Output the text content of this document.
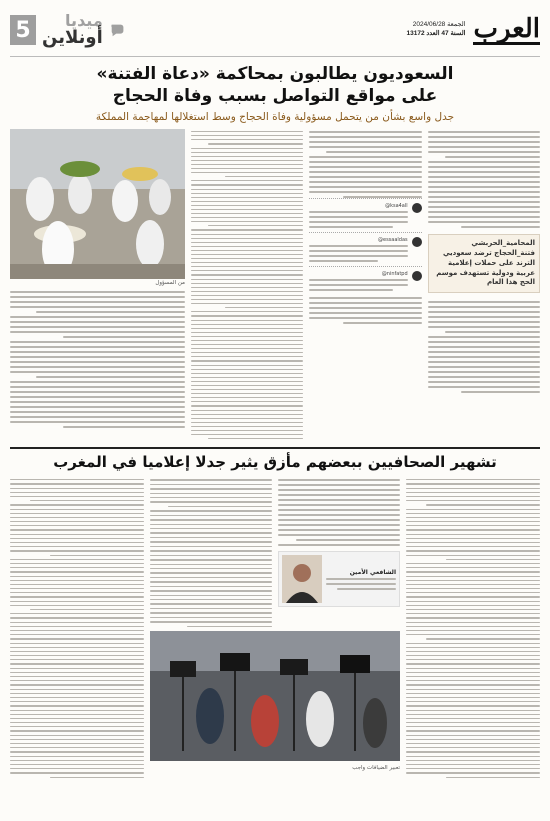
5	ميديا
أونلاين
الجمعة 2024/06/28
السنة 47 العدد 13172 العرب
السعوديون يطالبون بمحاكمة «دعاة الفتنة»
على مواقع التواصل بسبب وفاة الحجاج
جدل واسع بشأن من يتحمل مسؤولية وفاة الحجاج وسط استغلالها لمهاجمة المملكة
من المسؤول
@ksa4all
@essaaldas
@ninfatpd
المحامية_الحربشي فتنة_الحجاج ترضد سعوديي الترند على حملات إعلامية عربية ودولية تستهدف موسم الحج هذا العام
تشهير الصحافيين ببعضهم مأزق يثير جدلا إعلاميا في المغرب
الشافعي الأمين
تعبير الضيافات واجب
